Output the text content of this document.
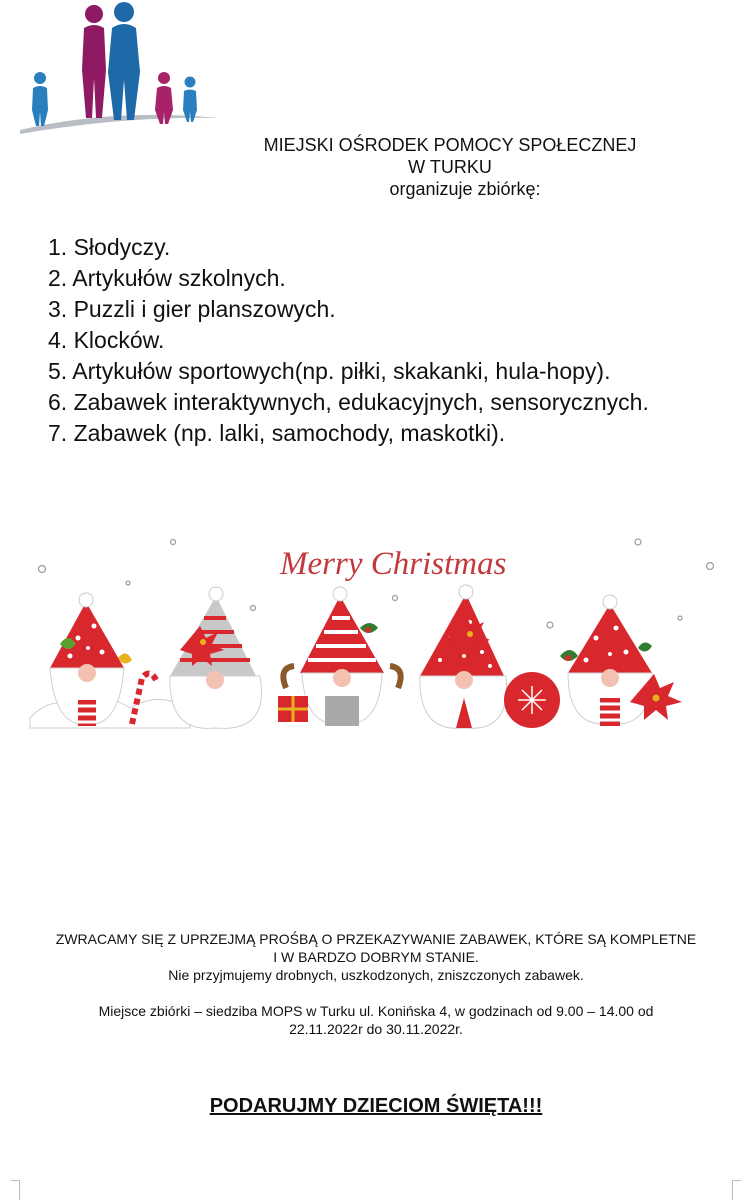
MIEJSKI OŚRODEK POMOCY SPOŁECZNEJ
W TURKU
organizuje zbiórkę:
1. Słodyczy.
2. Artykułów szkolnych.
3. Puzzli i gier planszowych.
4. Klocków.
5. Artykułów sportowych(np. piłki, skakanki, hula-hopy).
6. Zabawek interaktywnych, edukacyjnych, sensorycznych.
7. Zabawek (np. lalki, samochody, maskotki).
Merry Christmas

ZWRACAMY SIĘ Z UPRZEJMĄ PROŚBĄ O PRZEKAZYWANIE ZABAWEK, KTÓRE SĄ KOMPLETNE

I W BARDZO DOBRYM STANIE.

Nie przyjmujemy drobnych, uszkodzonych, zniszczonych zabawek.

Miejsce zbiórki – siedziba MOPS w Turku ul. Konińska 4, w godzinach od 9.00 – 14.00 od

22.11.2022r do 30.11.2022r.

PODARUJMY DZIECIOM ŚWIĘTA!!!
